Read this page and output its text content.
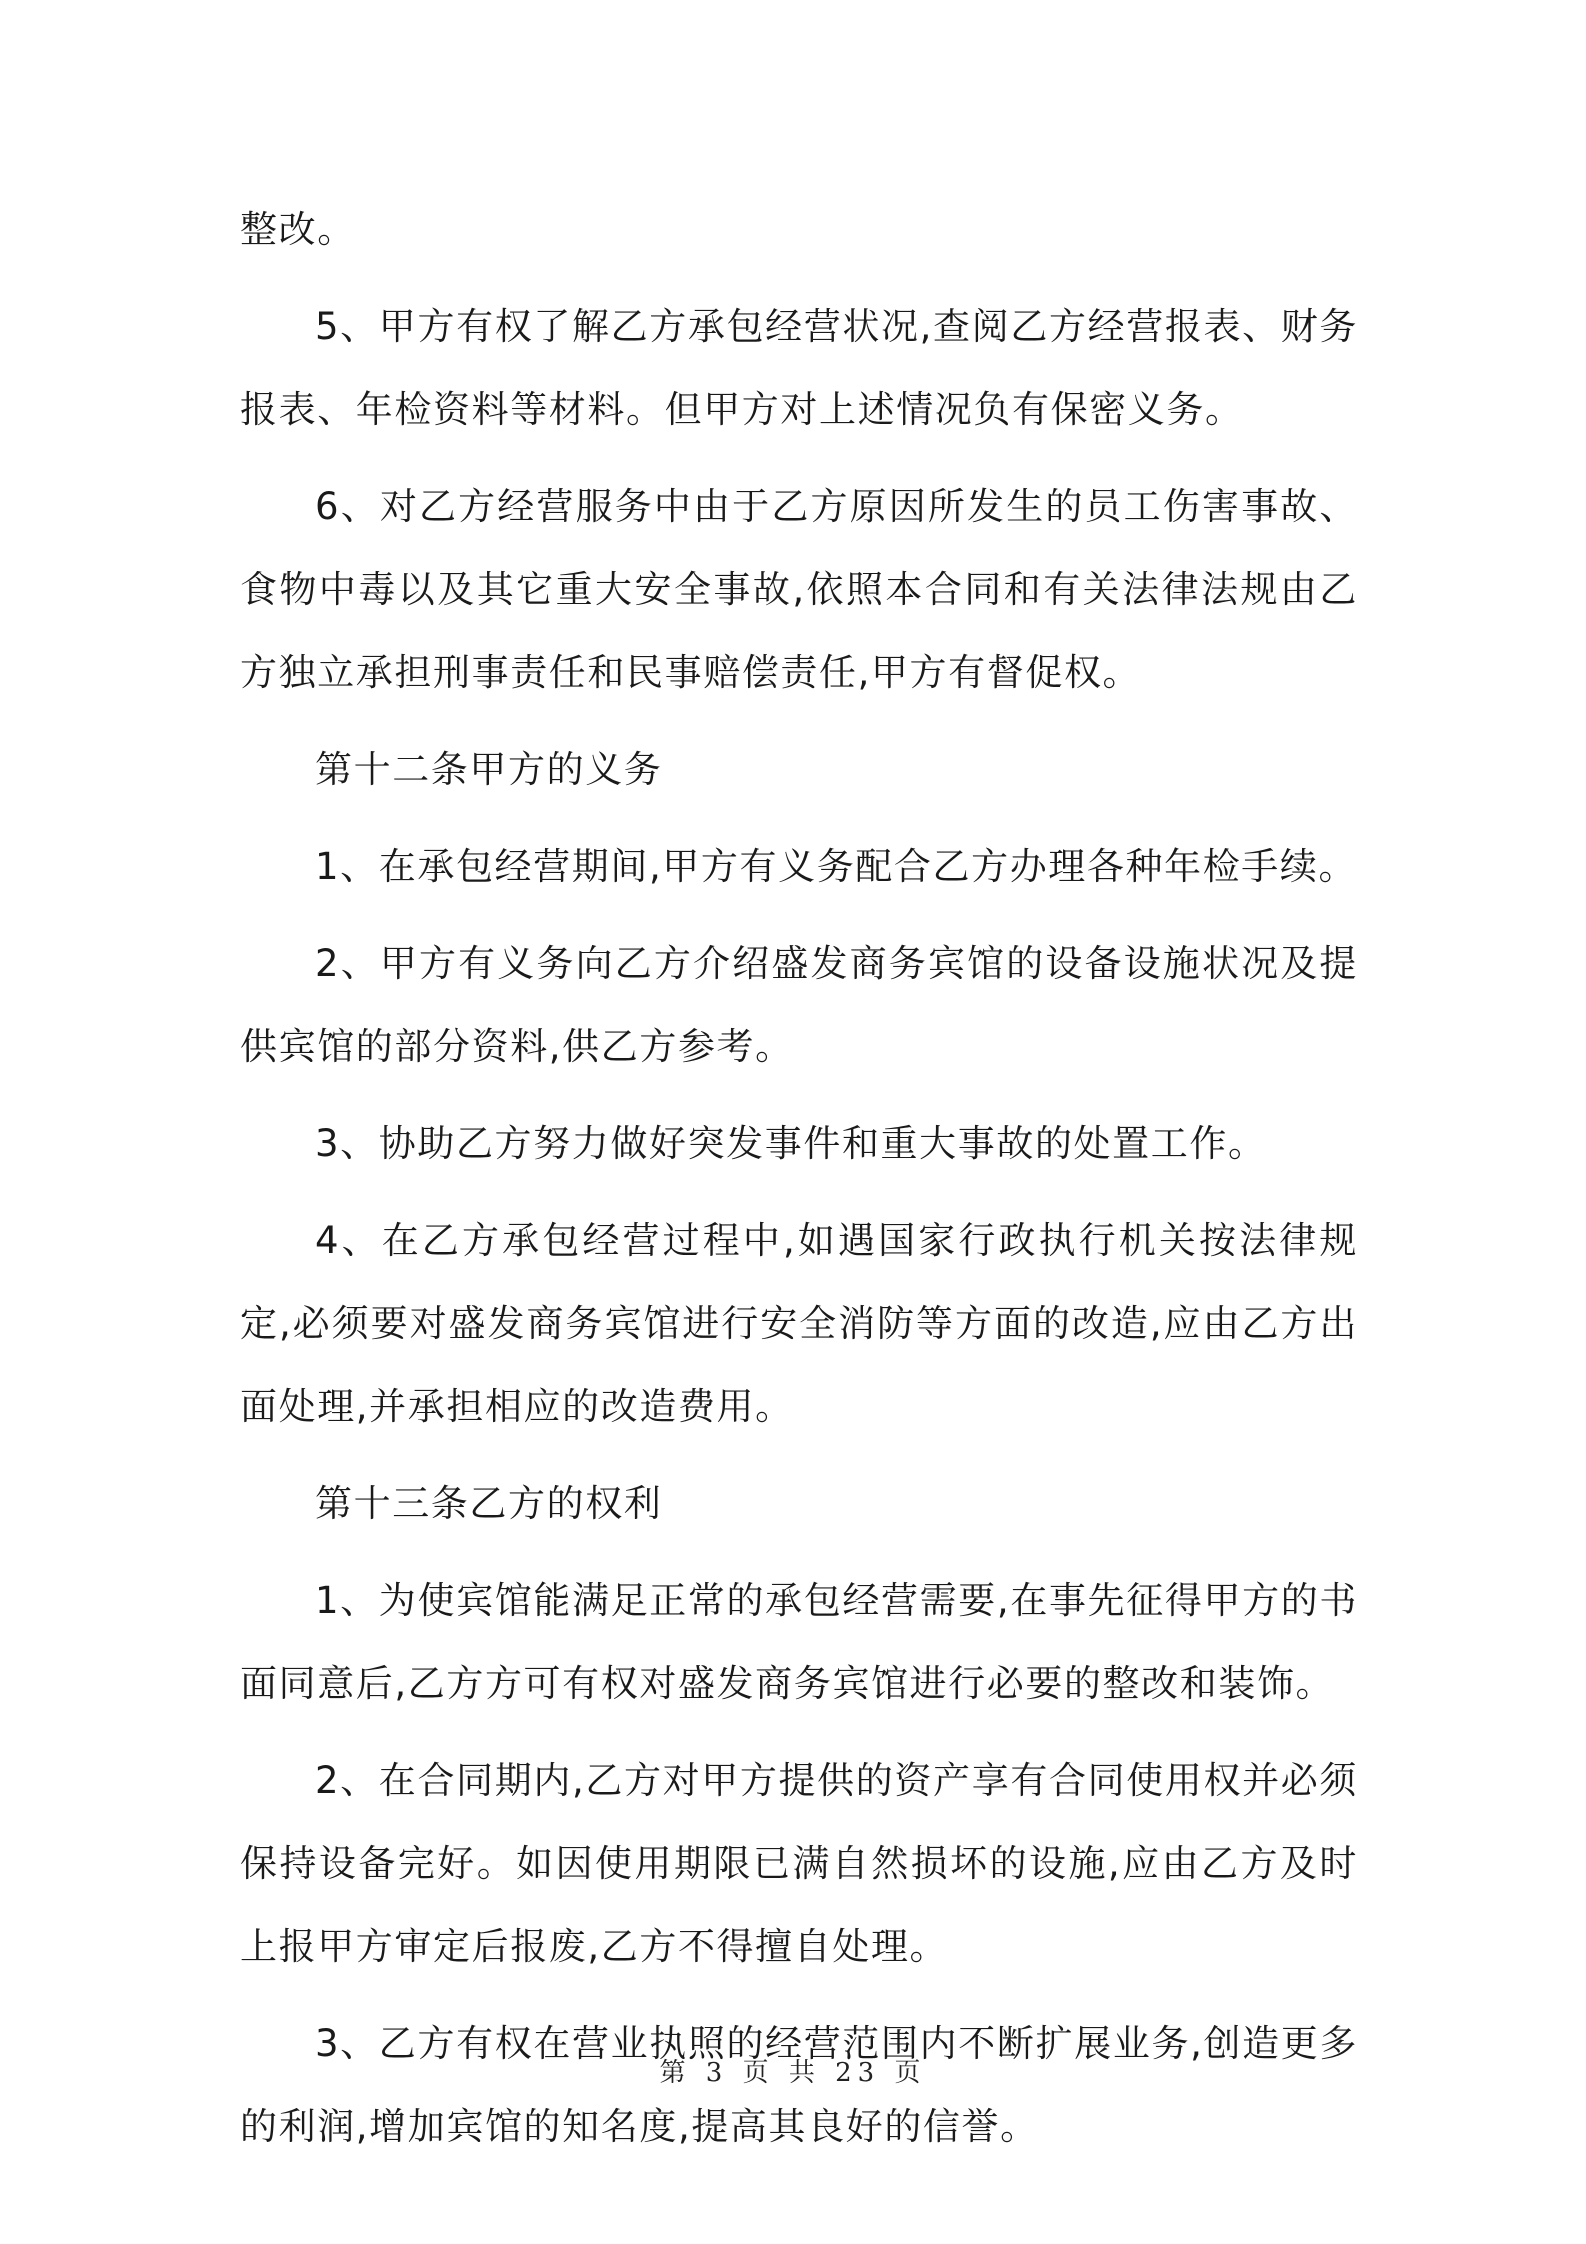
整改。

5、甲方有权了解乙方承包经营状况,查阅乙方经营报表、财务报表、年检资料等材料。但甲方对上述情况负有保密义务。

6、对乙方经营服务中由于乙方原因所发生的员工伤害事故、食物中毒以及其它重大安全事故,依照本合同和有关法律法规由乙方独立承担刑事责任和民事赔偿责任,甲方有督促权。

第十二条甲方的义务

1、在承包经营期间,甲方有义务配合乙方办理各种年检手续。

2、甲方有义务向乙方介绍盛发商务宾馆的设备设施状况及提供宾馆的部分资料,供乙方参考。

3、协助乙方努力做好突发事件和重大事故的处置工作。

4、在乙方承包经营过程中,如遇国家行政执行机关按法律规定,必须要对盛发商务宾馆进行安全消防等方面的改造,应由乙方出面处理,并承担相应的改造费用。

第十三条乙方的权利

1、为使宾馆能满足正常的承包经营需要,在事先征得甲方的书面同意后,乙方方可有权对盛发商务宾馆进行必要的整改和装饰。

2、在合同期内,乙方对甲方提供的资产享有合同使用权并必须保持设备完好。如因使用期限已满自然损坏的设施,应由乙方及时上报甲方审定后报废,乙方不得擅自处理。

3、乙方有权在营业执照的经营范围内不断扩展业务,创造更多的利润,增加宾馆的知名度,提高其良好的信誉。

第 3 页 共 23 页
